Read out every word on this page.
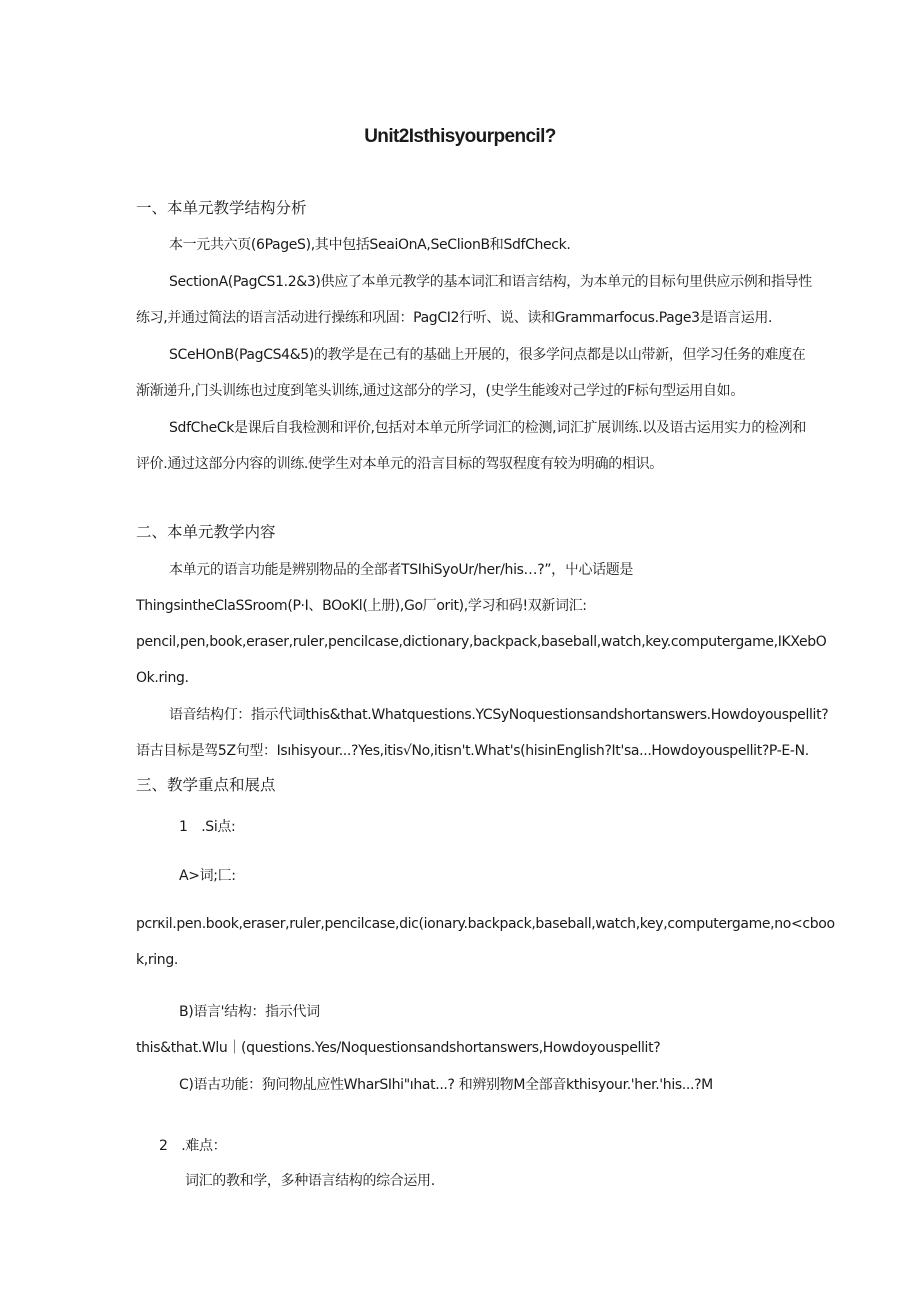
Unit2Isthisyourpencil?

一、本单元教学结构分析

本一元共六页(6PageS),其中包括SeaiOnA,SeClionB和SdfCheck.

SectionA(PagCS1.2&3)供应了本单元教学的基本词汇和语言结构，为本单元的目标句里供应示例和指导性

练习,并通过简法的语言活动进行操练和巩固：PagCI2行听、说、读和Grammarfocus.Page3是语言运用.

SCeHOnB(PagCS4&5)的教学是在己有的基础上开展的，很多学问点都是以山带新，但学习任务的难度在

渐渐递升,门头训练也过度到笔头训练,通过这部分的学习，(史学生能竣对己学过的F标句型运用自如。

SdfCheCk是课后自我检测和评价,包括对本单元所学词汇的检测,词汇扩展训练.以及语古运用实力的检冽和

评价.通过这部分内容的训练.使学生对本单元的沿言目标的驾驭程度有较为明确的相识。

二、本单元教学内容

本单元的语言功能是辨别物品的全部者TSIhiSyoUr/her/his…?”，屮心话题是

ThingsintheClaSSroom(P·I、BOoKl(上册),Go厂orit),学习和码!双新词汇:

pencil,pen,book,eraser,ruler,pencilcase,dictionary,backpack,baseball,watch,key.computergame,IKXebO

Ok.ring.

语音结构仃：指示代词this&that.Whatquestions.YCSyNoquestionsandshortanswers.Howdoyouspellit?

语古目标是驾5Z句型：Isıhisyour...?Yes,itis√No,itisn't.What's(hisinEnglish?It'sa...Howdoyouspellit?P-E-N.

三、教学重点和展点

1　.Si点:

A>词;匚:

pcrκil.pen.book,eraser,ruler,pencilcase,dic(ionary.backpack,baseball,watch,key,computergame,no<cboo

k,ring.

B)语言'结构：指示代词

this&that.Wlu｜(questions.Yes/Noquestionsandshortanswers,Howdoyouspellit?

C)语古功能：狗问物乩应性WharSIhi"ıhat...? 和辨别物M全部音kthisyour.'her.'his...?M

2　.难点：

词汇的教和学，多种语言结构的综合运用.
